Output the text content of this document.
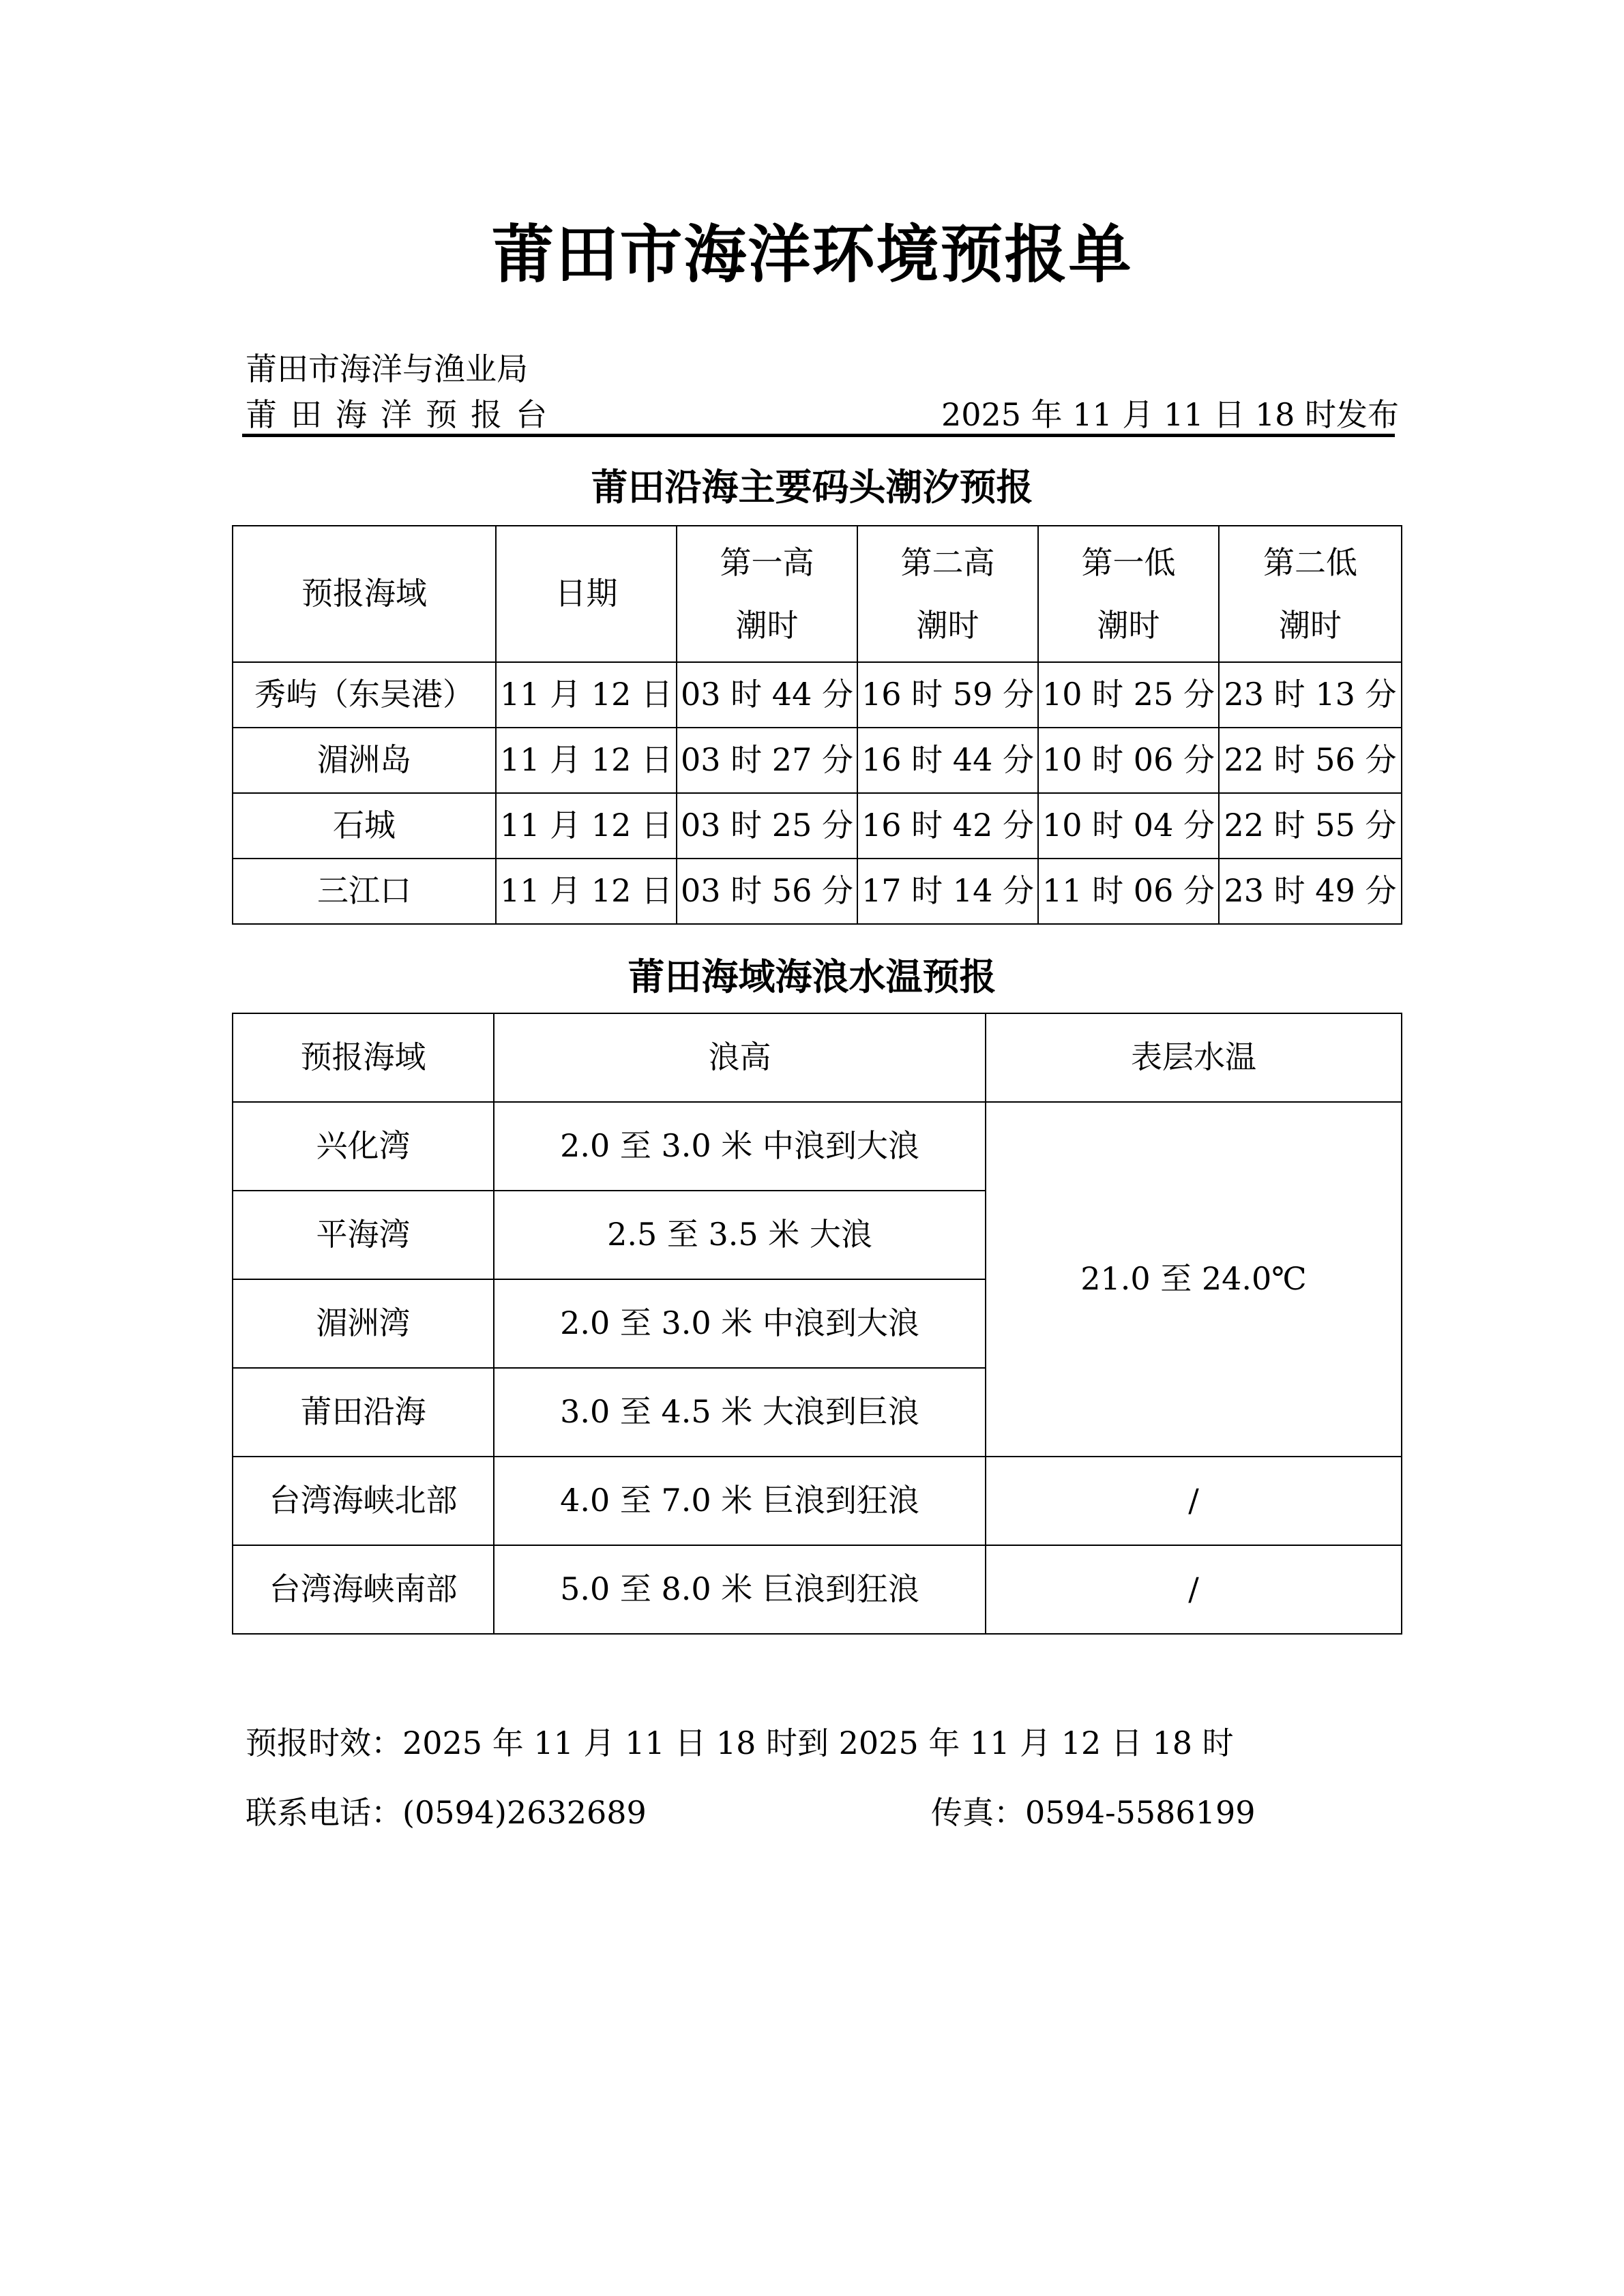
莆田市海洋环境预报单
莆田市海洋与渔业局
莆田海洋预报台	2025 年 11 月 11 日 18 时发布
莆田沿海主要码头潮汐预报
预报海域	日期	第一高潮时	第二高潮时	第一低潮时	第二低潮时
秀屿（东吴港）	11 月 12 日	03 时 44 分	16 时 59 分	10 时 25 分	23 时 13 分
湄洲岛	11 月 12 日	03 时 27 分	16 时 44 分	10 时 06 分	22 时 56 分
石城	11 月 12 日	03 时 25 分	16 时 42 分	10 时 04 分	22 时 55 分
三江口	11 月 12 日	03 时 56 分	17 时 14 分	11 时 06 分	23 时 49 分
莆田海域海浪水温预报
预报海域	浪高	表层水温
兴化湾	2.0 至 3.0 米 中浪到大浪	21.0 至 24.0℃
平海湾	2.5 至 3.5 米 大浪	
湄洲湾	2.0 至 3.0 米 中浪到大浪	
莆田沿海	3.0 至 4.5 米 大浪到巨浪	
台湾海峡北部	4.0 至 7.0 米 巨浪到狂浪	/
台湾海峡南部	5.0 至 8.0 米 巨浪到狂浪	/
预报时效：2025 年 11 月 11 日 18 时到 2025 年 11 月 12 日 18 时
联系电话：(0594)2632689	传真：0594-5586199
